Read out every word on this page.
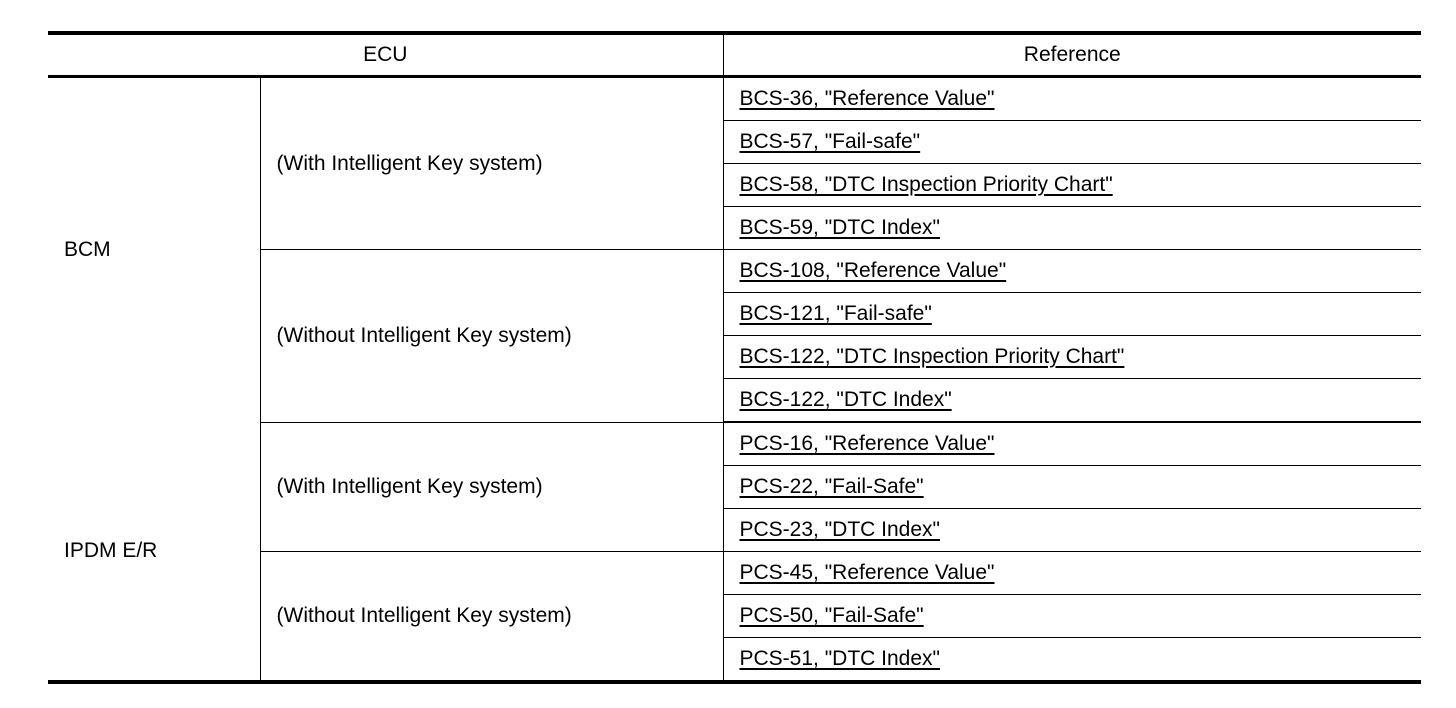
ECU		Reference
BCM	(With Intelligent Key system)	BCS-36, "Reference Value"
		BCS-57, "Fail-safe"
		BCS-58, "DTC Inspection Priority Chart"
		BCS-59, "DTC Index"
	(Without Intelligent Key system)	BCS-108, "Reference Value"
		BCS-121, "Fail-safe"
		BCS-122, "DTC Inspection Priority Chart"
		BCS-122, "DTC Index"
IPDM E/R	(With Intelligent Key system)	PCS-16, "Reference Value"
		PCS-22, "Fail-Safe"
		PCS-23, "DTC Index"
	(Without Intelligent Key system)	PCS-45, "Reference Value"
		PCS-50, "Fail-Safe"
		PCS-51, "DTC Index"
